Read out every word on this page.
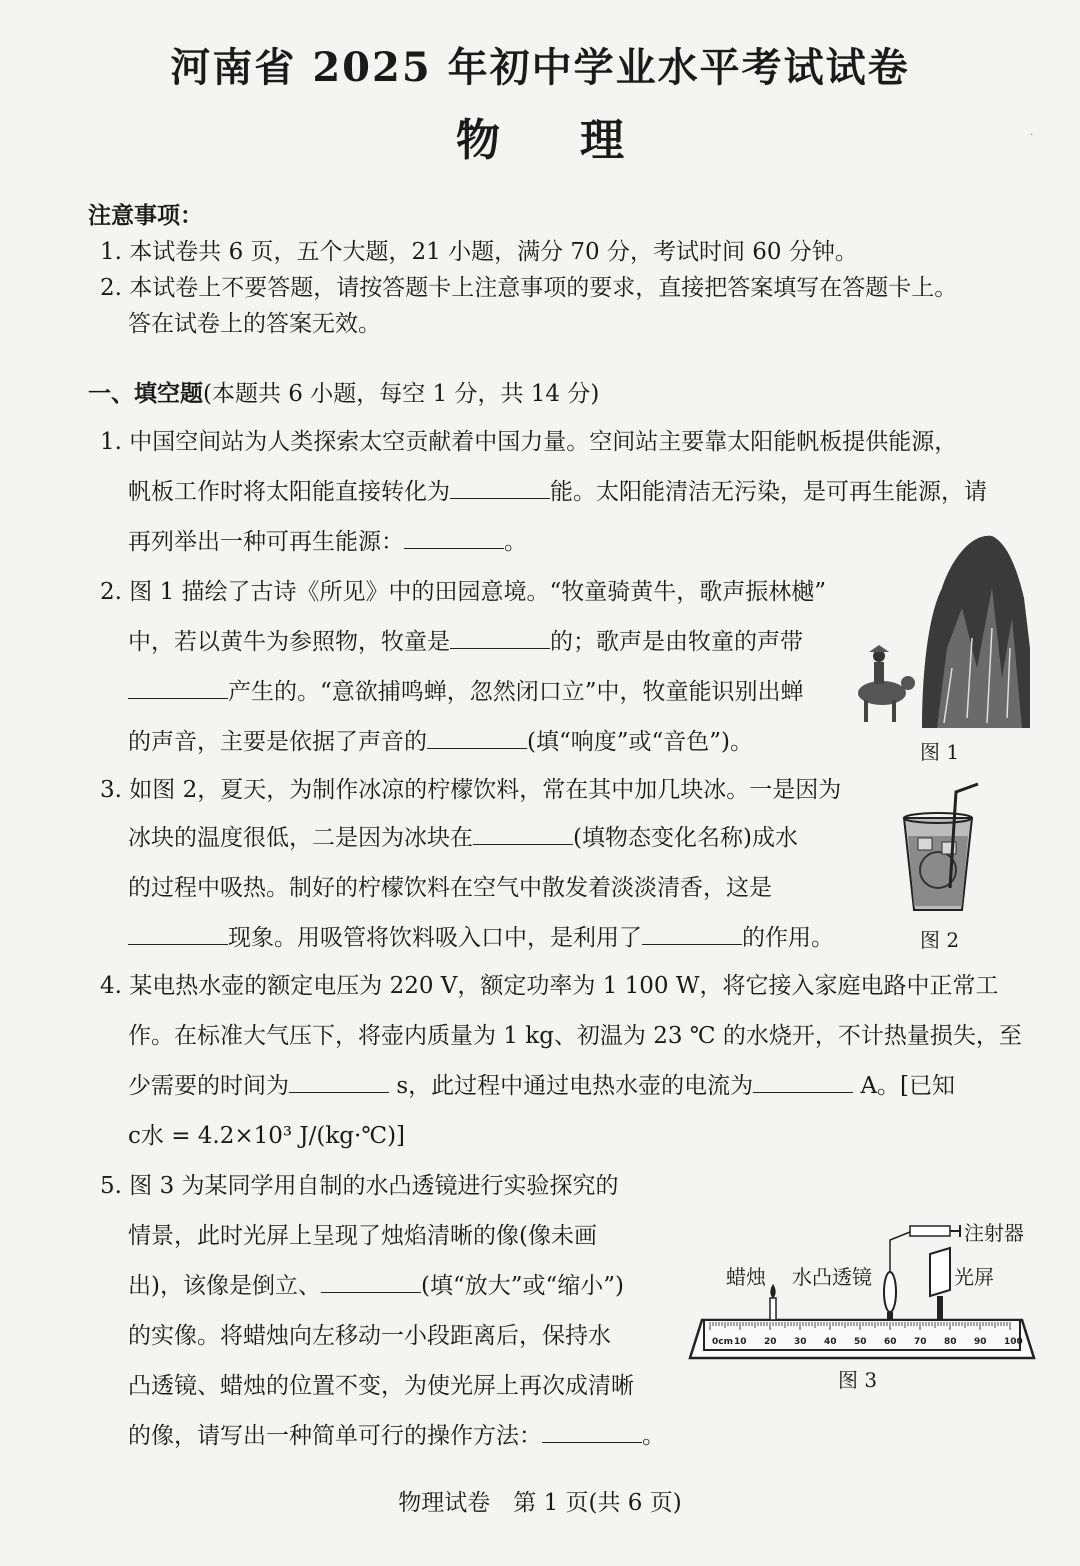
河南省 2025 年初中学业水平考试试卷
物 理	·
注意事项：
1. 本试卷共 6 页，五个大题，21 小题，满分 70 分，考试时间 60 分钟。
2. 本试卷上不要答题，请按答题卡上注意事项的要求，直接把答案填写在答题卡上。
答在试卷上的答案无效。
一、填空题(本题共 6 小题，每空 1 分，共 14 分)
1. 中国空间站为人类探索太空贡献着中国力量。空间站主要靠太阳能帆板提供能源，
帆板工作时将太阳能直接转化为	能。太阳能清洁无污染，是可再生能源，请
再列举出一种可再生能源：	。
2. 图 1 描绘了古诗《所见》中的田园意境。“牧童骑黄牛，歌声振林樾”
中，若以黄牛为参照物，牧童是	的；歌声是由牧童的声带
产生的。“意欲捕鸣蝉，忽然闭口立”中，牧童能识别出蝉
的声音，主要是依据了声音的	(填“响度”或“音色”)。	图 1
3. 如图 2，夏天，为制作冰凉的柠檬饮料，常在其中加几块冰。一是因为
冰块的温度很低，二是因为冰块在	(填物态变化名称)成水
的过程中吸热。制好的柠檬饮料在空气中散发着淡淡清香，这是
现象。用吸管将饮料吸入口中，是利用了	的作用。	图 2
4. 某电热水壶的额定电压为 220 V，额定功率为 1 100 W，将它接入家庭电路中正常工
作。在标准大气压下，将壶内质量为 1 kg、初温为 23 ℃ 的水烧开，不计热量损失，至
少需要的时间为	s，此过程中通过电热水壶的电流为	A。[已知
c水 = 4.2×10³ J/(kg·℃)]
5. 图 3 为某同学用自制的水凸透镜进行实验探究的
情景，此时光屏上呈现了烛焰清晰的像(像未画
出)，该像是倒立、	(填“放大”或“缩小”)
的实像。将蜡烛向左移动一小段距离后，保持水
凸透镜、蜡烛的位置不变，为使光屏上再次成清晰
的像，请写出一种简单可行的操作方法：	。
0cm 10 20 30 40 50 60 70 80 90 100
注射器
蜡烛 水凸透镜	光屏
图 3
物理试卷　第 1 页(共 6 页)
